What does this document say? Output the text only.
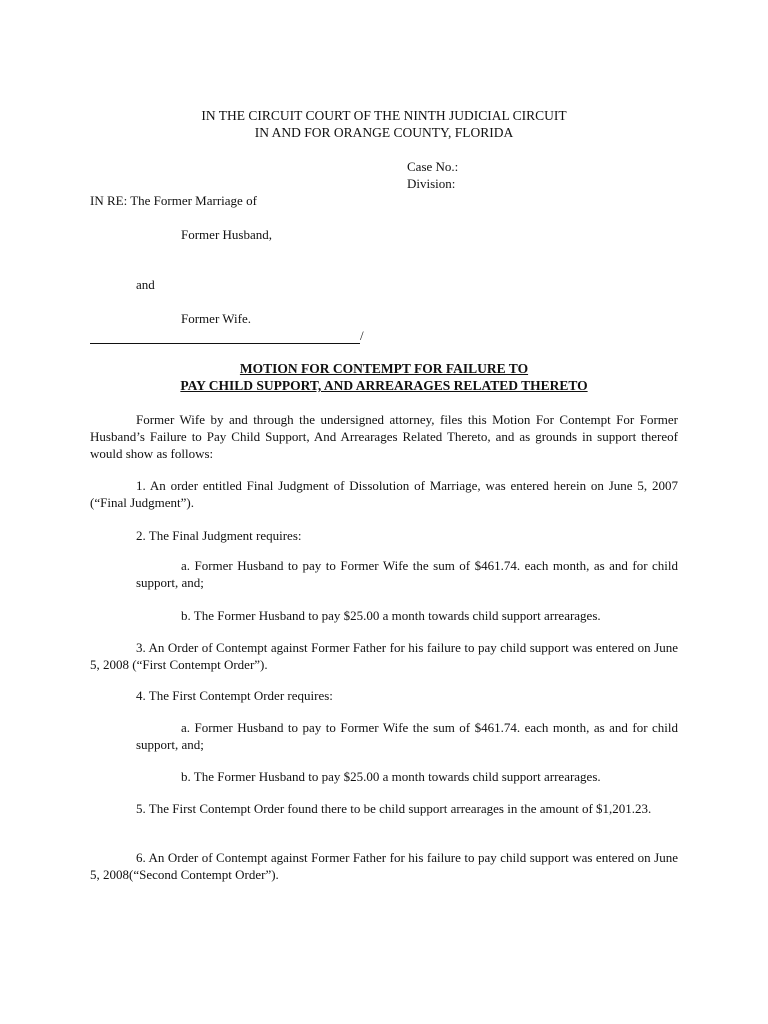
IN THE CIRCUIT COURT OF THE NINTH JUDICIAL CIRCUIT
IN AND FOR ORANGE COUNTY, FLORIDA
Case No.:
Division:
IN RE: The Former Marriage of
Former Husband,
and
Former Wife.
/
MOTION FOR CONTEMPT FOR FAILURE TO
PAY CHILD SUPPORT, AND ARREARAGES RELATED THERETO
Former Wife by and through the undersigned attorney, files this Motion For Contempt For Former Husband’s Failure to Pay Child Support, And Arrearages Related Thereto, and as grounds in support thereof would show as follows:
1. An order entitled Final Judgment of Dissolution of Marriage, was entered herein on June 5, 2007 (“Final Judgment”).
2. The Final Judgment requires:
a. Former Husband to pay to Former Wife the sum of $461.74. each month, as and for child support, and;
b. The Former Husband to pay $25.00 a month towards child support arrearages.
3. An Order of Contempt against Former Father for his failure to pay child support was entered on June 5, 2008 (“First Contempt Order”).
4. The First Contempt Order requires:
a. Former Husband to pay to Former Wife the sum of $461.74. each month, as and for child support, and;
b. The Former Husband to pay $25.00 a month towards child support arrearages.
5. The First Contempt Order found there to be child support arrearages in the amount of $1,201.23.
6. An Order of Contempt against Former Father for his failure to pay child support was entered on June 5, 2008(“Second Contempt Order”).
